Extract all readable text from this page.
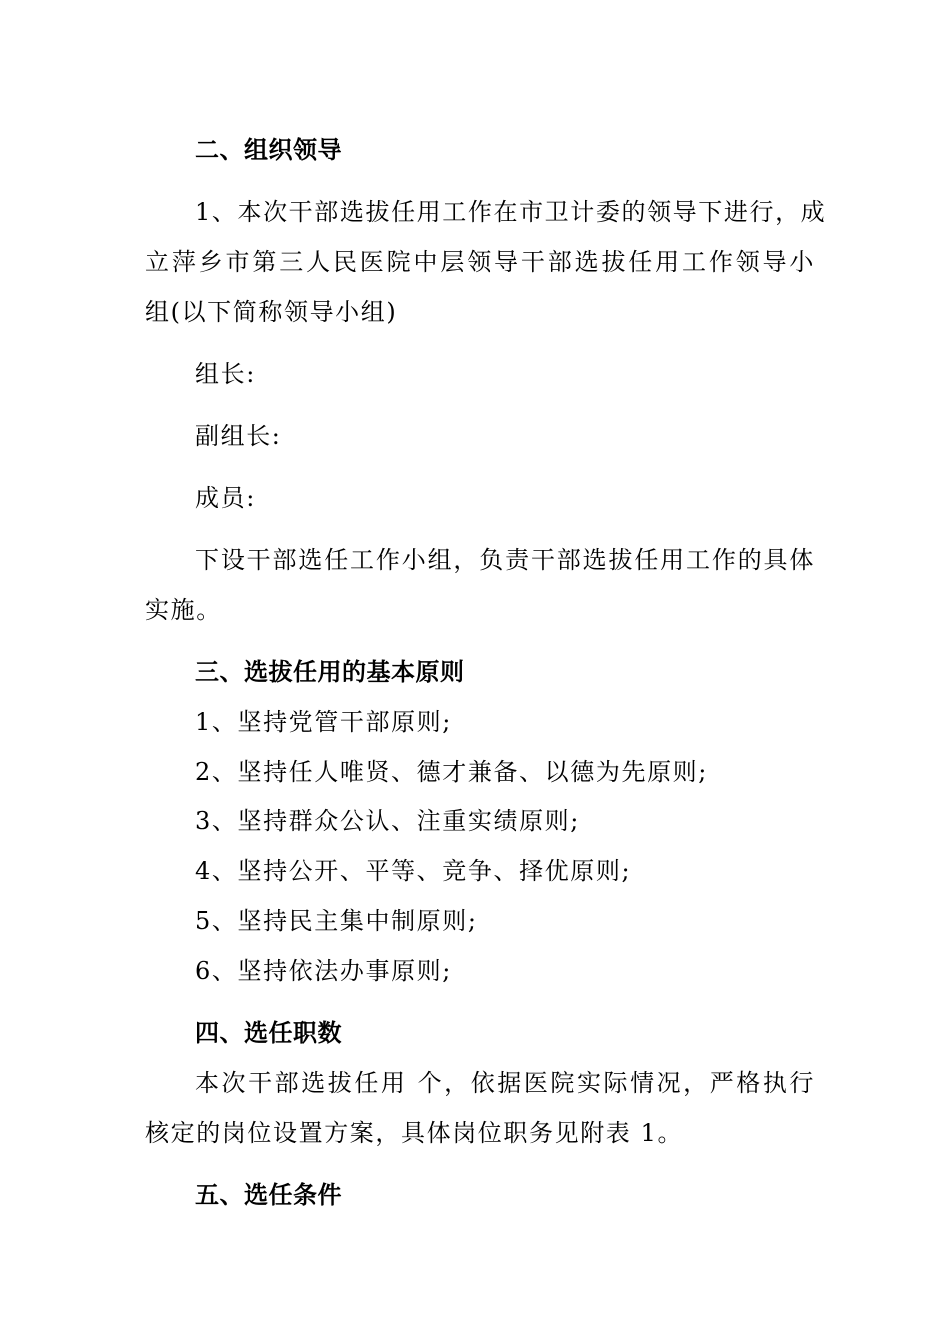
二、组织领导
1、本次干部选拔任用工作在市卫计委的领导下进行，成
立萍乡市第三人民医院中层领导干部选拔任用工作领导小
组(以下简称领导小组)
组长:
副组长:
成员:
下设干部选任工作小组，负责干部选拔任用工作的具体
实施。
三、选拔任用的基本原则
1、坚持党管干部原则;
2、坚持任人唯贤、德才兼备、以德为先原则;
3、坚持群众公认、注重实绩原则;
4、坚持公开、平等、竞争、择优原则;
5、坚持民主集中制原则;
6、坚持依法办事原则;
四、选任职数
本次干部选拔任用 个，依据医院实际情况，严格执行
核定的岗位设置方案，具体岗位职务见附表 1。
五、选任条件
